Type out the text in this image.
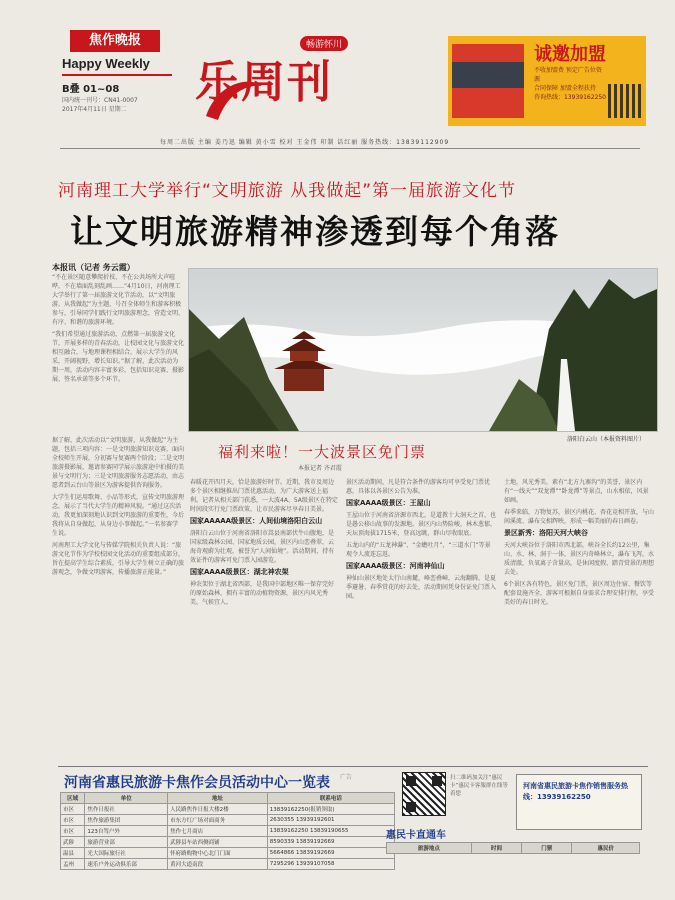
焦作晚报
Happy Weekly
B叠 01~08
国内统一刊号：CN41-0007
2017年4月11日 星期二
畅游怀川
乐周刊
诚邀加盟
不收加盟费 预定广告位资源
合同保障 加盟全程扶持
咨询热线：13939162250
每周二出版 主编 姜乃迅 编辑 黄小雪 校对 王金伟 印制 话红丽 服务热线：13839112909
河南理工大学举行“文明旅游 从我做起”第一届旅游文化节
让文明旅游精神渗透到每个角落
本报讯（记者 务云霞）

“不在景区随意攀爬折枝，不在公共场所大声喧哗，不在墙面乱刻乱画……”4月10日，河南理工大学举行了第一届旅游文化节活动，以“文明旅游，从我做起”为主题，号召全体师生和游客积极参与，引导同学们践行文明旅游理念，营造文明、有序、和谐的旅游环境。

“我们希望通过旅游活动，点燃第一届旅游文化节，开展多样的青春活动，让校园文化与旅游文化相互融合，与地理课程相结合，展示大学生的风采，开阔视野，增长知识。”据了解，此次活动为期一周，活动内容丰富多彩，包括知识竞赛、摄影展、签名承诺等多个环节。

据了解，此次活动以“文明旅游，从我做起”为主题，包括三项内容：一是文明旅游知识竞赛，面向全校师生开展，分初赛与复赛两个阶段；二是文明旅游摄影展，邀请参赛同学展示旅游途中拍摄的美景与文明行为；三是文明旅游服务志愿活动，由志愿者到云台山等景区为游客提供咨询服务。

大学生们运用歌舞、小品等形式，宣传文明旅游理念，展示了当代大学生的精神风貌。“通过这次活动，我更加深刻地认识到文明旅游的重要性，今后我将从自身做起，从身边小事做起。”一名参赛学生说。

河南理工大学文化与传媒学院相关负责人说：“旅游文化节作为学校校园文化活动的重要组成部分，旨在提高学生综合素质，引导大学生树立正确的旅游观念，争做文明游客，传播旅游正能量。”

洛阳白云山（本报资料图片）
福利来啦！一大波景区免门票
本报记者 齐君霞

春暖花开四月天，恰是旅游好时节。近期，我市及周边多个景区相继推出门票优惠活动，为广大游客送上福利。记者从相关部门获悉，一大波4A、5A级景区在特定时间段实行免门票政策，让市民游客尽享春日美景。

国家AAAAA级景区：人间仙境洛阳白云山

洛阳白云山位于河南省洛阳市嵩县南部伏牛山腹地，是国家级森林公园、国家地质公园，景区内山峦叠翠，云海奇观蔚为壮观，被誉为“人间仙境”。活动期间，持有效证件的游客可免门票入园游览。

国家AAAA级景区：湖北神农架

神农架位于湖北省西部，是我国中部地区唯一保存完好的原始森林，拥有丰富的动植物资源，景区内风光秀美，气候宜人。

景区活动期间，凡是符合条件的游客均可享受免门票优惠，具体以各景区公告为准。

国家AAAA级景区：王屋山

王屋山位于河南省济源市西北，是道教十大洞天之首，也是愚公移山故事的发源地。景区内山势险峻，林木葱郁，天坛顶海拔1715米，登高远眺，群山尽收眼底。

五龙山内的“五龙神瀑”、“金蟾吐月”、“三道水门”等景观令人流连忘返。

国家AAAA级景区：河南神仙山

神仙山景区地处太行山南麓，峰峦叠嶂，云海翻腾，是夏季避暑、春季赏花的好去处，活动期间凭身份证免门票入园。

土地，风光秀美，素有“北方九寨沟”的美誉，景区内有“一线天”“双龙潭”“卧龙潭”等景点，山水相依，风景如画。

春季来临，万物复苏，景区内桃花、杏花竞相开放，与山间溪流、瀑布交相辉映，形成一幅美丽的春日画卷。

景区新秀：洛阳天河大峡谷

天河大峡谷位于洛阳市西北部，峡谷全长约12公里，集山、水、林、洞于一体，景区内奇峰林立，瀑布飞泻，水质清澈，负氧离子含量高，是休闲度假、踏青赏景的理想去处。

6个景区各有特色，景区免门票，景区周边住宿、餐饮等配套设施齐全，游客可根据自身需求合理安排行程，享受美好的春日时光。

河南省惠民旅游卡焦作会员活动中心一览表 广告
区域	单位	地址	联系电话
市区	焦作日报社	人民路焦作日报大楼2楼	13839162250(报销领取)
市区	焦作旅游集团	市东方红广场对面商务	2630355 13939192601
市区	123自驾户外	焦作七月商店	13839162250 13839190655
武陟	旅游营业部	武陟县车站西侧商铺	8590339 13839192669
温县	光大国际旅行社	怀府路购物中心北门门面	5664866 13839192669
孟州	速乐户外运动俱乐部	黄河大道南段	7295296 13939107058
扫二维码加关注“惠民卡”惠民卡客服群在线等着您
河南省惠民旅游卡焦作销售服务热线：13939162250
惠民卡直通车
旅游地点	时间	门票	惠民价
